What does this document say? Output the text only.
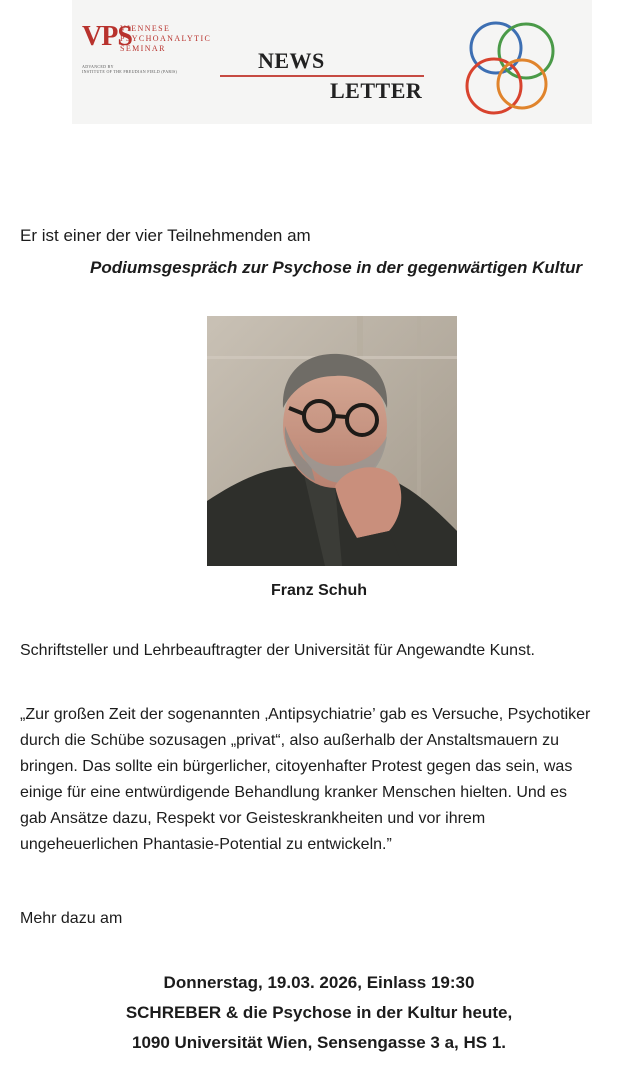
VPS
VIENNESE
PSYCHOANALYTIC
SEMINAR
ADVANCED BY
INSTITUTE OF THE FREUDIAN FIELD (PARIS)	NEWS
LETTER
Er ist einer der vier Teilnehmenden am
Podiumsgespräch zur Psychose in der gegenwärtigen Kultur
Franz Schuh
Schriftsteller und Lehrbeauftragter der Universität für Angewandte Kunst.
„Zur großen Zeit der sogenannten ‚Antipsychiatrie’ gab es Versuche, Psychotiker
durch die Schübe sozusagen „privat“, also außerhalb der Anstaltsmauern zu
bringen. Das sollte ein bürgerlicher, citoyenhafter Protest gegen das sein, was
einige für eine entwürdigende Behandlung kranker Menschen hielten. Und es
gab Ansätze dazu, Respekt vor Geisteskrankheiten und vor ihrem
ungeheuerlichen Phantasie-Potential zu entwickeln.”
Mehr dazu am
Donnerstag, 19.03. 2026, Einlass 19:30
SCHREBER & die Psychose in der Kultur heute,
1090 Universität Wien, Sensengasse 3 a, HS 1.
